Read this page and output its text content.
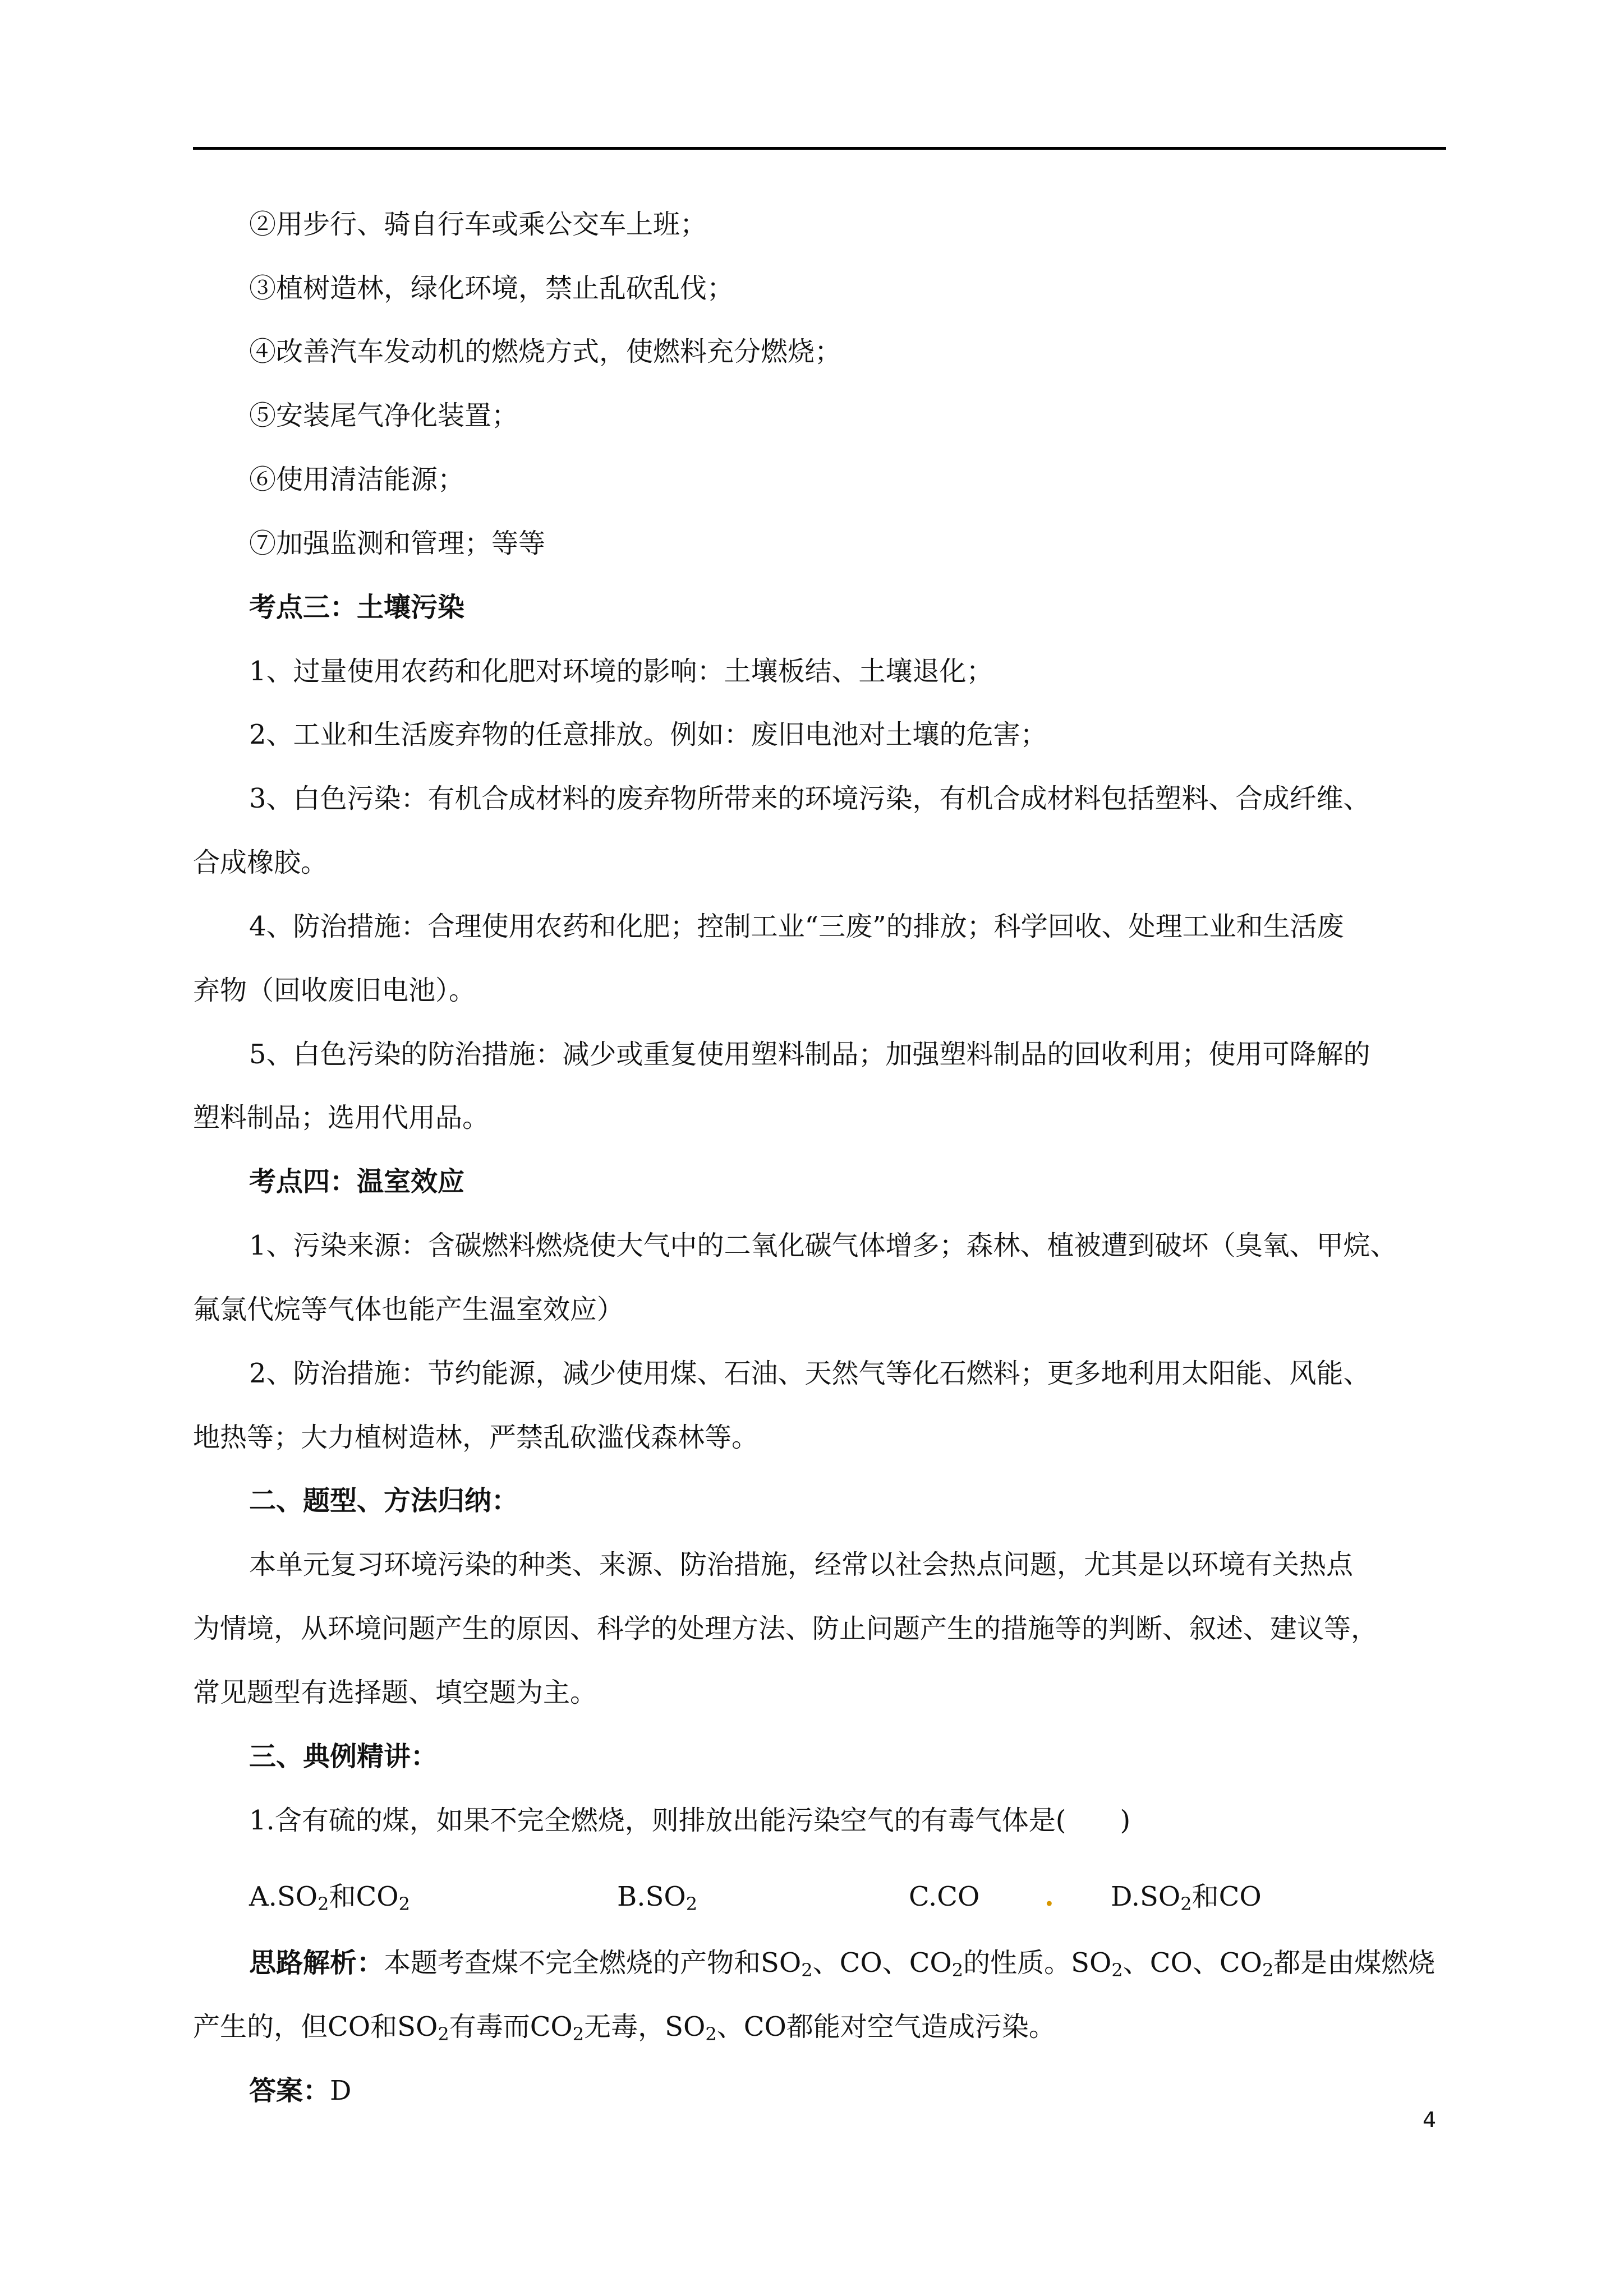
②用步行、骑自行车或乘公交车上班；
③植树造林，绿化环境，禁止乱砍乱伐；
④改善汽车发动机的燃烧方式，使燃料充分燃烧；
⑤安装尾气净化装置；
⑥使用清洁能源；
⑦加强监测和管理；等等
考点三：土壤污染
1、过量使用农药和化肥对环境的影响：土壤板结、土壤退化；
2、工业和生活废弃物的任意排放。例如：废旧电池对土壤的危害；
3、白色污染：有机合成材料的废弃物所带来的环境污染，有机合成材料包括塑料、合成纤维、
合成橡胶。
4、防治措施：合理使用农药和化肥；控制工业“三废”的排放；科学回收、处理工业和生活废
弃物（回收废旧电池）。
5、白色污染的防治措施：减少或重复使用塑料制品；加强塑料制品的回收利用；使用可降解的
塑料制品；选用代用品。
考点四：温室效应
1、污染来源：含碳燃料燃烧使大气中的二氧化碳气体增多；森林、植被遭到破坏（臭氧、甲烷、
氟氯代烷等气体也能产生温室效应）
2、防治措施：节约能源，减少使用煤、石油、天然气等化石燃料；更多地利用太阳能、风能、
地热等；大力植树造林，严禁乱砍滥伐森林等。
二、题型、方法归纳：
本单元复习环境污染的种类、来源、防治措施，经常以社会热点问题，尤其是以环境有关热点
为情境，从环境问题产生的原因、科学的处理方法、防止问题产生的措施等的判断、叙述、建议等，
常见题型有选择题、填空题为主。
三、典例精讲：
1.含有硫的煤，如果不完全燃烧，则排放出能污染空气的有毒气体是(　　)
$A.SO_2$和$CO_2$	$B.SO_2$	C.CO . $D.SO_2$和CO
思路解析：本题考查煤不完全燃烧的产物和$SO_2$、CO、$CO_2$的性质。$SO_2$、CO、$CO_2$都是由煤燃烧
产生的，但CO和$SO_2$有毒而$CO_2$无毒，$SO_2$、CO都能对空气造成污染。
答案：D
4
